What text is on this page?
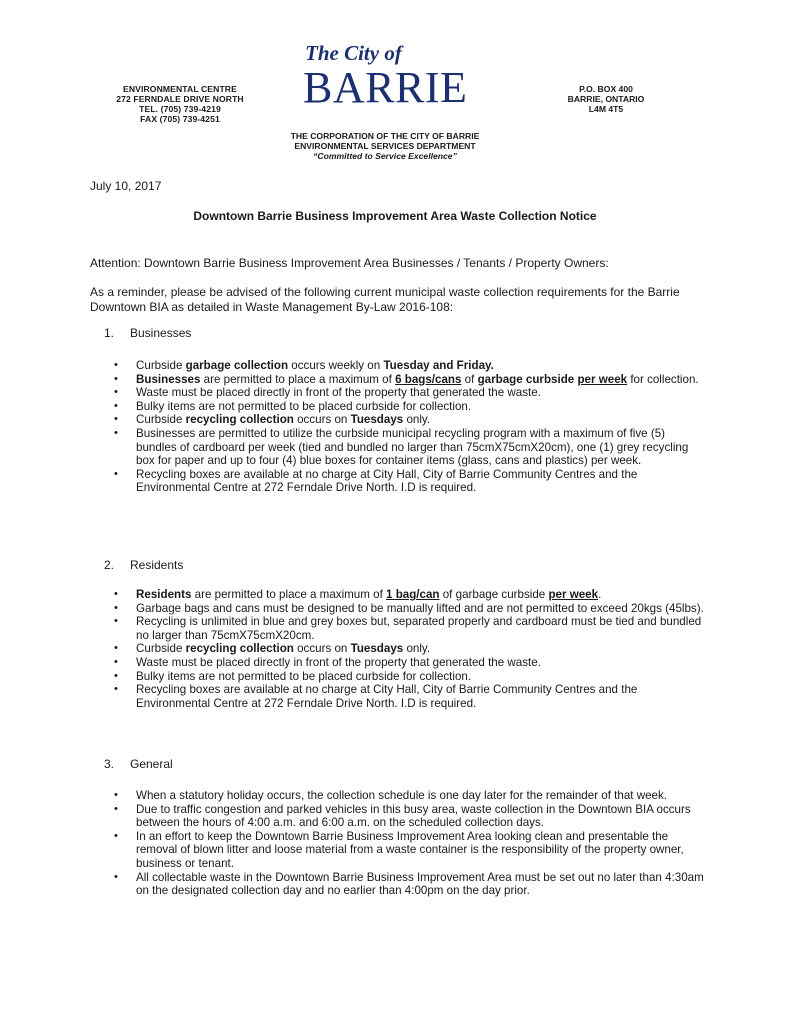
ENVIRONMENTAL CENTRE
272 FERNDALE DRIVE NORTH
TEL. (705) 739-4219
FAX (705) 739-4251
The City of
BARRIE	P.O. BOX 400
BARRIE, ONTARIO
L4M 4T5
THE CORPORATION OF THE CITY OF BARRIE
ENVIRONMENTAL SERVICES DEPARTMENT
“Committed to Service Excellence”
July 10, 2017
Downtown Barrie Business Improvement Area Waste Collection Notice
Attention: Downtown Barrie Business Improvement Area Businesses / Tenants / Property Owners:
As a reminder, please be advised of the following current municipal waste collection requirements for the Barrie Downtown BIA as detailed in Waste Management By-Law 2016-108:
1. Businesses
• Curbside garbage collection occurs weekly on Tuesday and Friday.
• Businesses are permitted to place a maximum of 6 bags/cans of garbage curbside per week for collection.
• Waste must be placed directly in front of the property that generated the waste.
• Bulky items are not permitted to be placed curbside for collection.
• Curbside recycling collection occurs on Tuesdays only.
• Businesses are permitted to utilize the curbside municipal recycling program with a maximum of five (5) bundles of cardboard per week (tied and bundled no larger than 75cmX75cmX20cm), one (1) grey recycling box for paper and up to four (4) blue boxes for container items (glass, cans and plastics) per week.
• Recycling boxes are available at no charge at City Hall, City of Barrie Community Centres and the Environmental Centre at 272 Ferndale Drive North. I.D is required.
2. Residents
• Residents are permitted to place a maximum of 1 bag/can of garbage curbside per week.
• Garbage bags and cans must be designed to be manually lifted and are not permitted to exceed 20kgs (45lbs).
• Recycling is unlimited in blue and grey boxes but, separated properly and cardboard must be tied and bundled no larger than 75cmX75cmX20cm.
• Curbside recycling collection occurs on Tuesdays only.
• Waste must be placed directly in front of the property that generated the waste.
• Bulky items are not permitted to be placed curbside for collection.
• Recycling boxes are available at no charge at City Hall, City of Barrie Community Centres and the Environmental Centre at 272 Ferndale Drive North. I.D is required.
3. General
• When a statutory holiday occurs, the collection schedule is one day later for the remainder of that week.
• Due to traffic congestion and parked vehicles in this busy area, waste collection in the Downtown BIA occurs between the hours of 4:00 a.m. and 6:00 a.m. on the scheduled collection days.
• In an effort to keep the Downtown Barrie Business Improvement Area looking clean and presentable the removal of blown litter and loose material from a waste container is the responsibility of the property owner, business or tenant.
• All collectable waste in the Downtown Barrie Business Improvement Area must be set out no later than 4:30am on the designated collection day and no earlier than 4:00pm on the day prior.
